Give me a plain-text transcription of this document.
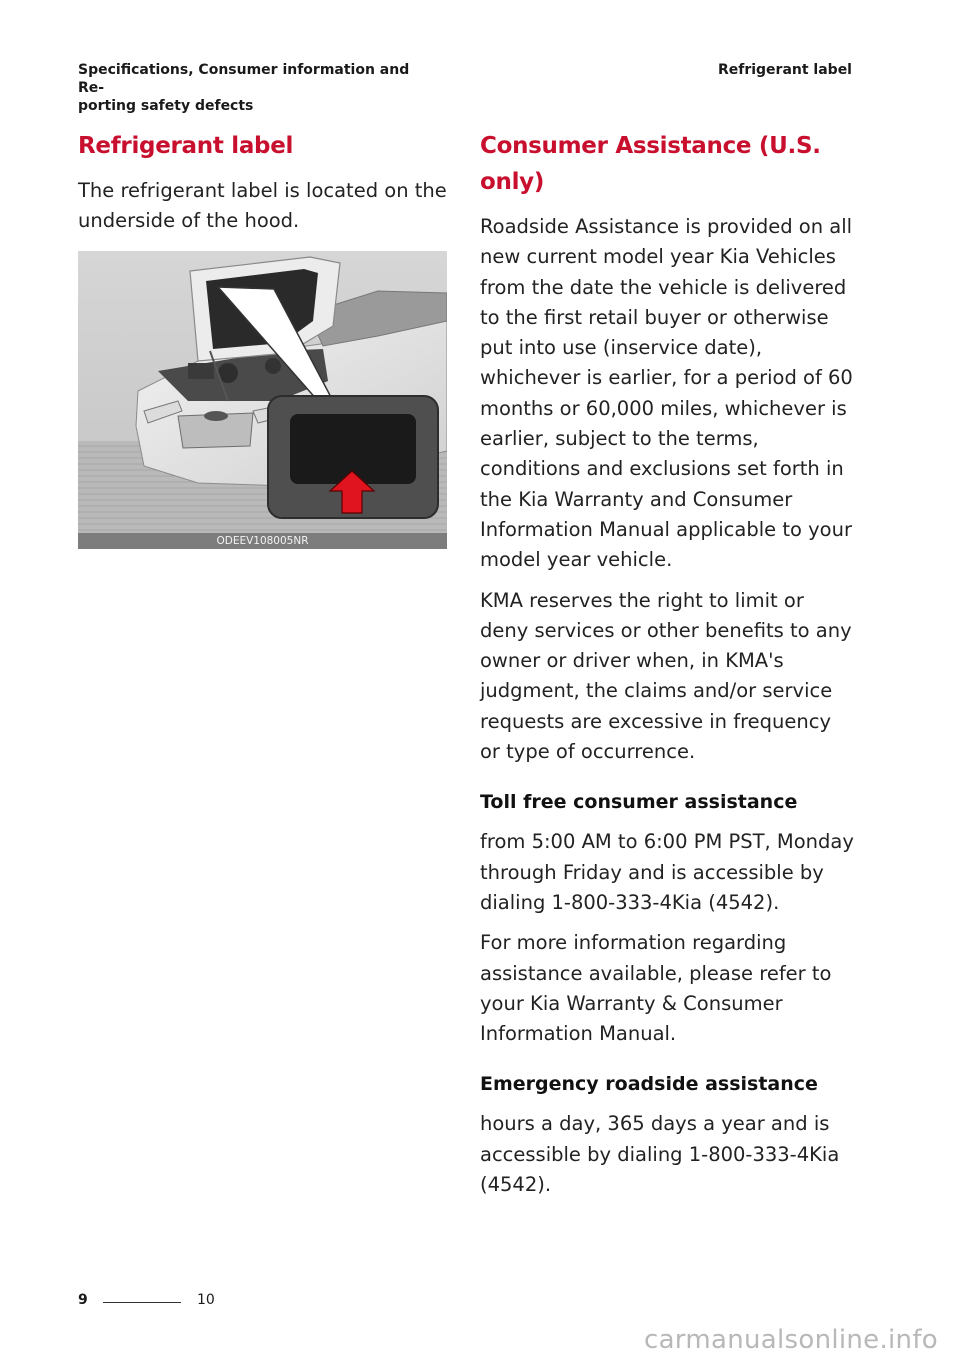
Specifications, Consumer information and Re-
porting safety defects
Refrigerant label
Refrigerant label

The refrigerant label is located on the underside of the hood.

ODEEV108005NR
Consumer Assistance (U.S. only)

Roadside Assistance is provided on all new current model year Kia Vehicles from the date the vehicle is delivered to the first retail buyer or otherwise put into use (inservice date), whichever is earlier, for a period of 60 months or 60,000 miles, whichever is earlier, subject to the terms, conditions and exclusions set forth in the Kia Warranty and Consumer Information Manual applicable to your model year vehicle.

KMA reserves the right to limit or deny services or other benefits to any owner or driver when, in KMA's judgment, the claims and/or service requests are excessive in frequency or type of occurrence.

Toll free consumer assistance

from 5:00 AM to 6:00 PM PST, Monday through Friday and is accessible by dialing 1-800-333-4Kia (4542).

For more information regarding assistance available, please refer to your Kia Warranty & Consumer Information Manual.

Emergency roadside assistance

hours a day, 365 days a year and is accessible by dialing 1-800-333-4Kia (4542).

9	10
carmanualsonline.info
